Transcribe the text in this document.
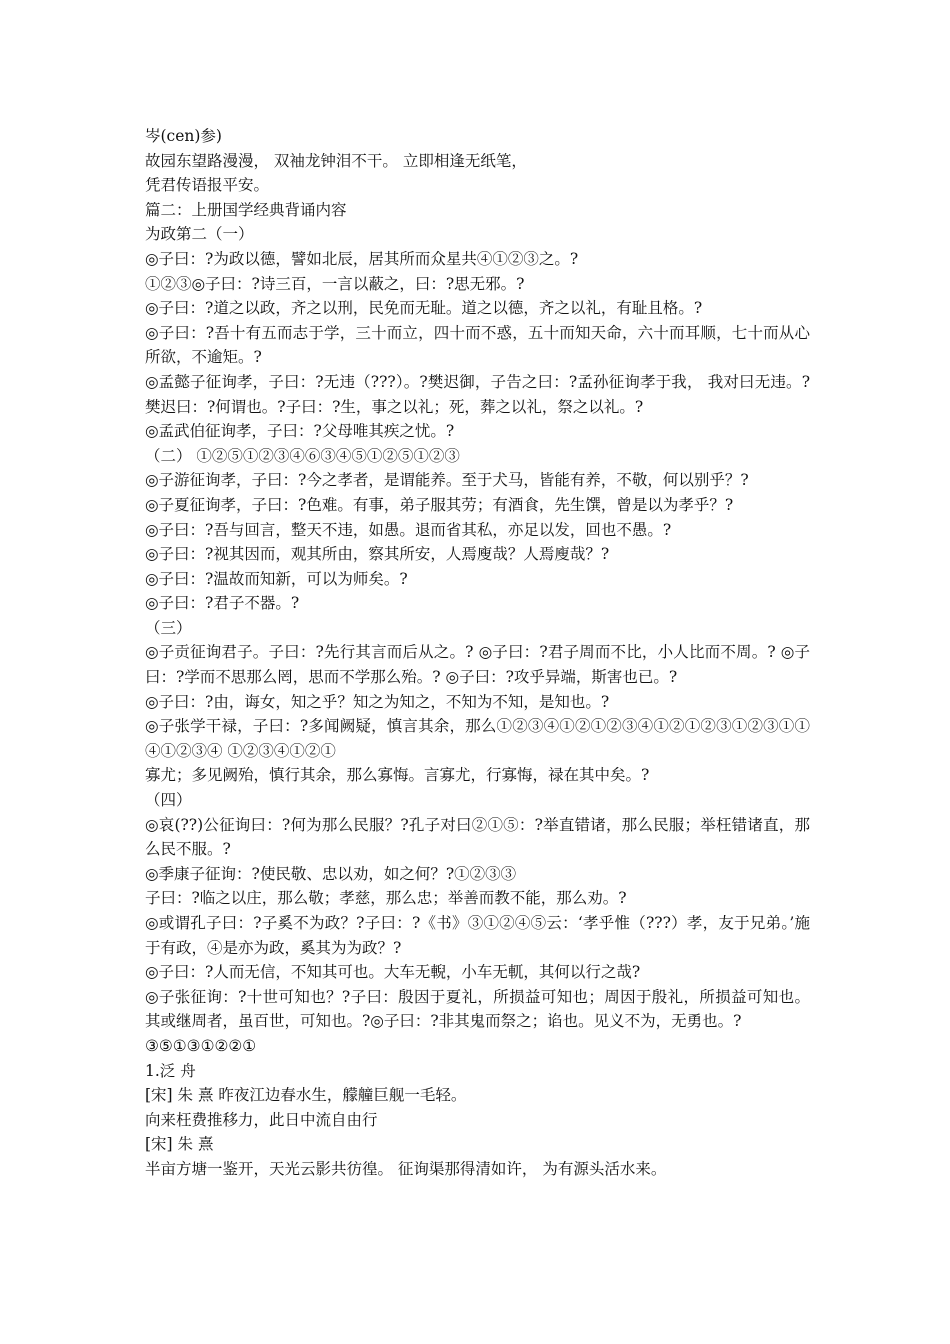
岑(cen)参)
故园东望路漫漫， 双袖龙钟泪不干。 立即相逢无纸笔，
凭君传语报平安。
篇二：上册国学经典背诵内容
为政第二（一）
◎子曰：?为政以德，譬如北辰，居其所而众星共④①②③之。?
①②③◎子曰：?诗三百，一言以蔽之，曰：?思无邪。?
◎子曰：?道之以政，齐之以刑，民免而无耻。道之以德，齐之以礼，有耻且格。?
◎子曰：?吾十有五而志于学，三十而立，四十而不惑，五十而知天命，六十而耳顺，七十而从心所欲，不逾矩。?
◎孟懿子征询孝，子曰：?无违（???）。?樊迟御，子告之曰：?孟孙征询孝于我， 我对曰无违。?樊迟曰：?何谓也。?子曰：?生，事之以礼；死，葬之以礼，祭之以礼。?
◎孟武伯征询孝，子曰：?父母唯其疾之忧。?
（二） ①②⑤①②③④⑥③④⑤①②⑤①②③
◎子游征询孝，子曰：?今之孝者，是谓能养。至于犬马，皆能有养，不敬，何以别乎？?
◎子夏征询孝，子曰：?色难。有事，弟子服其劳；有酒食，先生馔，曾是以为孝乎？?
◎子曰：?吾与回言，整天不违，如愚。退而省其私，亦足以发，回也不愚。?
◎子曰：?视其因而，观其所由，察其所安，人焉廋哉？人焉廋哉？?
◎子曰：?温故而知新，可以为师矣。?
◎子曰：?君子不器。?
（三）
◎子贡征询君子。子曰：?先行其言而后从之。? ◎子曰：?君子周而不比，小人比而不周。? ◎子曰：?学而不思那么罔，思而不学那么殆。? ◎子曰：?攻乎异端，斯害也已。?
◎子曰：?由，诲女，知之乎？知之为知之，不知为不知，是知也。?
◎子张学干禄，子曰：?多闻阙疑，慎言其余，那么①②③④①②①②③④①②①②③①②③①①④①②③④ ①②③④①②①
寡尤；多见阙殆，慎行其余，那么寡悔。言寡尤，行寡悔，禄在其中矣。?
（四）
◎哀(??)公征询曰：?何为那么民服？?孔子对曰②①⑤：?举直错诸，那么民服；举枉错诸直，那么民不服。?
◎季康子征询：?使民敬、忠以劝，如之何？?①②③③
子曰：?临之以庄，那么敬；孝慈，那么忠；举善而教不能，那么劝。?
◎或谓孔子曰：?子奚不为政？?子曰：?《书》③①②④⑤云：‘孝乎惟（???）孝，友于兄弟。’施于有政，④是亦为政，奚其为为政？?
◎子曰：?人而无信，不知其可也。大车无輗，小车无軏，其何以行之哉?
◎子张征询：?十世可知也？?子曰：殷因于夏礼，所损益可知也；周因于殷礼，所损益可知也。其或继周者，虽百世，可知也。?◎子曰：?非其鬼而祭之；谄也。见义不为，无勇也。?
③⑤①③①②②①
1.泛 舟
[宋] 朱 熹 昨夜江边春水生，艨艟巨舰一毛轻。
向来枉费推移力，此日中流自由行
[宋] 朱 熹
半亩方塘一鉴开，天光云影共彷徨。 征询渠那得清如许， 为有源头活水来。
